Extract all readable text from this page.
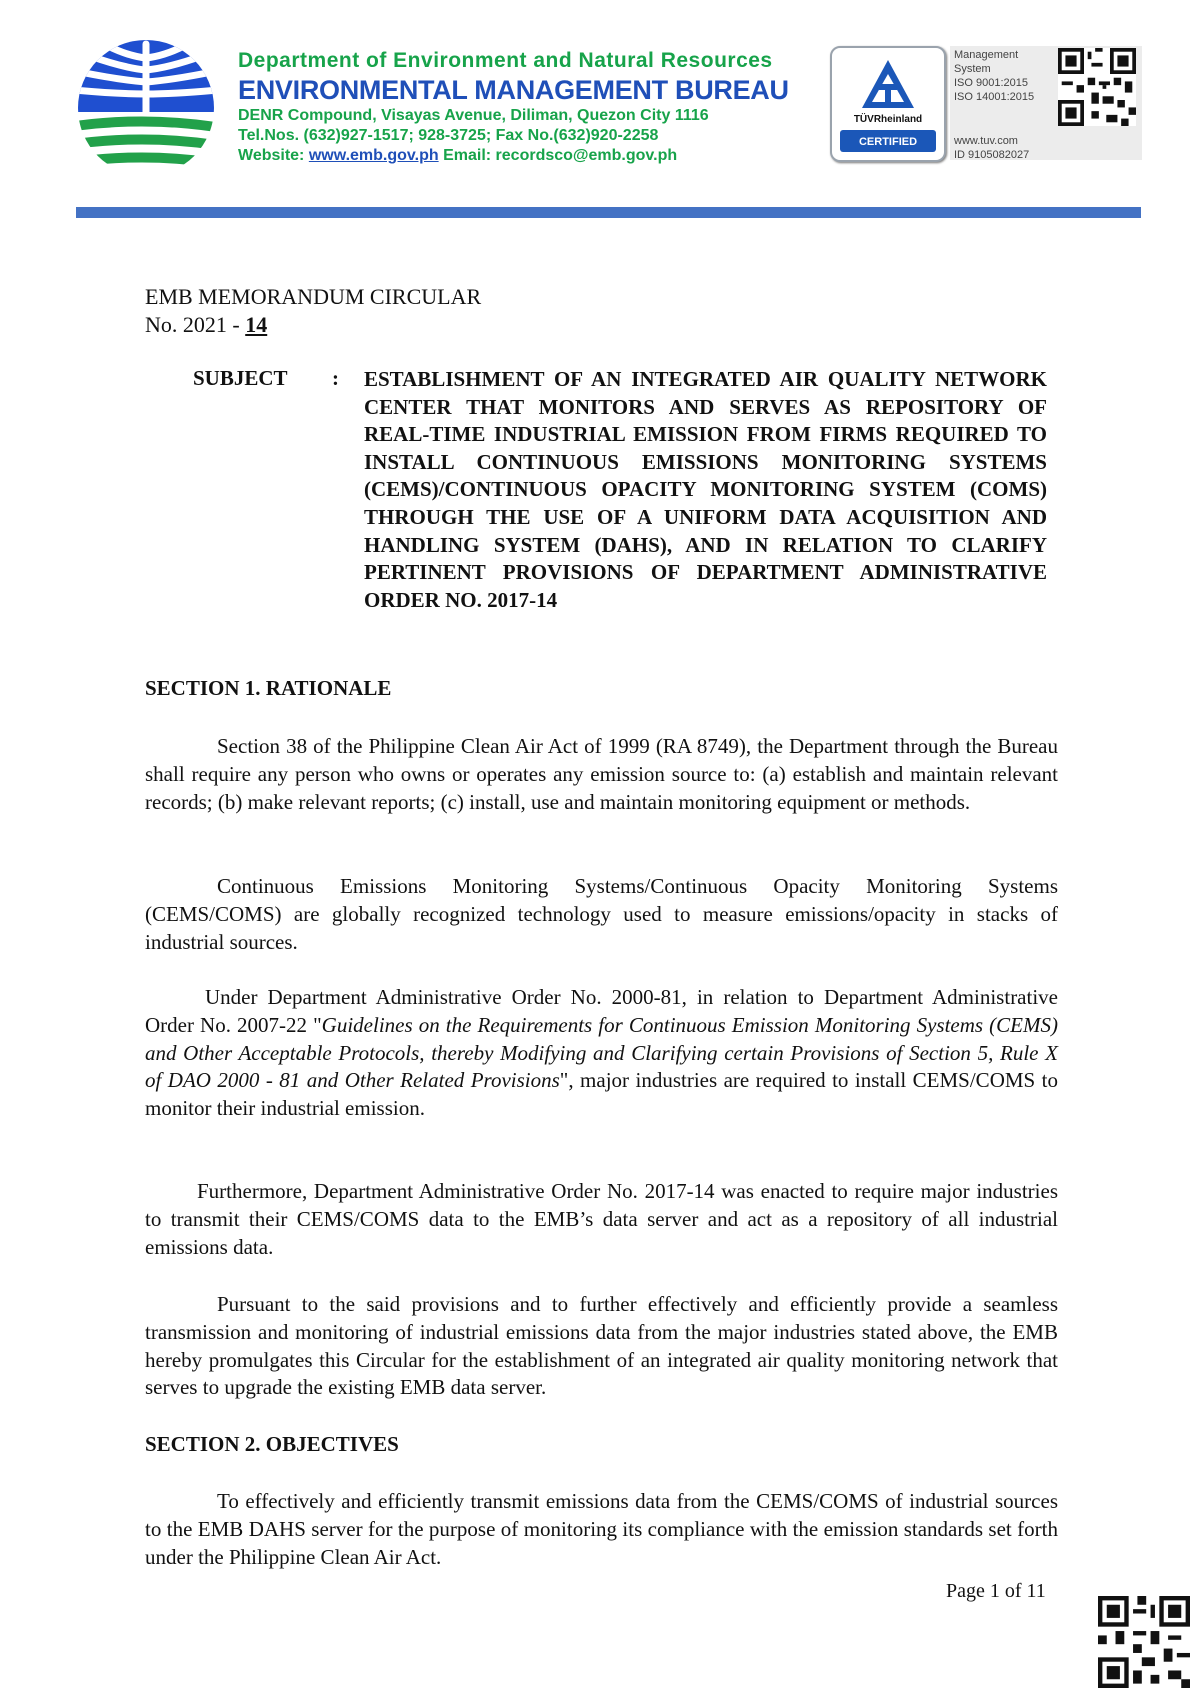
Department of Environment and Natural Resources

ENVIRONMENTAL MANAGEMENT BUREAU

DENR Compound, Visayas Avenue, Diliman, Quezon City 1116

Tel.Nos. (632)927-1517; 928-3725; Fax No.(632)920-2258

Website: www.emb.gov.ph Email: recordsco@emb.gov.ph

TÜVRheinland
CERTIFIED
Management
System
ISO 9001:2015
ISO 14001:2015
www.tuv.com
ID 9105082027
EMB MEMORANDUM CIRCULAR
No. 2021 - 14
SUBJECT : ESTABLISHMENT OF AN INTEGRATED AIR QUALITY NETWORK CENTER THAT MONITORS AND SERVES AS REPOSITORY OF REAL-TIME INDUSTRIAL EMISSION FROM FIRMS REQUIRED TO INSTALL CONTINUOUS EMISSIONS MONITORING SYSTEMS (CEMS)/CONTINUOUS OPACITY MONITORING SYSTEM (COMS) THROUGH THE USE OF A UNIFORM DATA ACQUISITION AND HANDLING SYSTEM (DAHS), AND IN RELATION TO CLARIFY PERTINENT PROVISIONS OF DEPARTMENT ADMINISTRATIVE ORDER NO. 2017-14
SECTION 1. RATIONALE
Section 38 of the Philippine Clean Air Act of 1999 (RA 8749), the Department through the Bureau shall require any person who owns or operates any emission source to: (a) establish and maintain relevant records; (b) make relevant reports; (c) install, use and maintain monitoring equipment or methods.
Continuous Emissions Monitoring Systems/Continuous Opacity Monitoring Systems (CEMS/COMS) are globally recognized technology used to measure emissions/opacity in stacks of industrial sources.
Under Department Administrative Order No. 2000-81, in relation to Department Administrative Order No. 2007-22 "Guidelines on the Requirements for Continuous Emission Monitoring Systems (CEMS) and Other Acceptable Protocols, thereby Modifying and Clarifying certain Provisions of Section 5, Rule X of DAO 2000 - 81 and Other Related Provisions", major industries are required to install CEMS/COMS to monitor their industrial emission.
Furthermore, Department Administrative Order No. 2017-14 was enacted to require major industries to transmit their CEMS/COMS data to the EMB’s data server and act as a repository of all industrial emissions data.
Pursuant to the said provisions and to further effectively and efficiently provide a seamless transmission and monitoring of industrial emissions data from the major industries stated above, the EMB hereby promulgates this Circular for the establishment of an integrated air quality monitoring network that serves to upgrade the existing EMB data server.
SECTION 2. OBJECTIVES
To effectively and efficiently transmit emissions data from the CEMS/COMS of industrial sources to the EMB DAHS server for the purpose of monitoring its compliance with the emission standards set forth under the Philippine Clean Air Act.
Page 1 of 11
